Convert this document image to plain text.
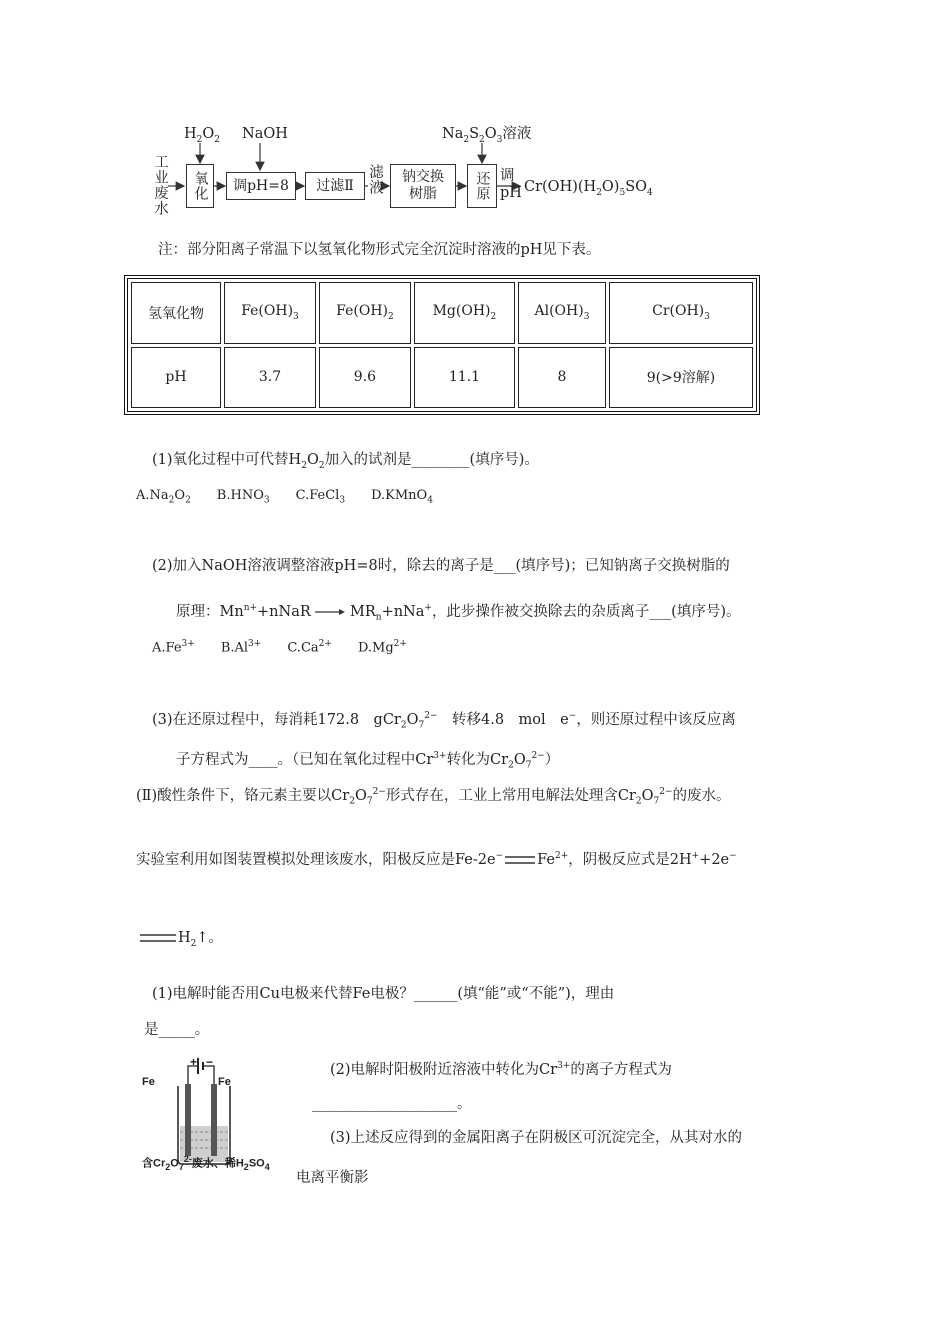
$H_2O_2$ NaOH	$Na_2S_2O_3$溶液
工业废水	氧化	调pH=8	过滤Ⅱ 滤液 钠交换
树脂	还原 调
pH $Cr(OH)(H_2O)_5SO_4$
注：部分阳离子常温下以氢氧化物形式完全沉淀时溶液的pH见下表。
氢氧化物	$Fe(OH)_3$	$Fe(OH)_2$	$Mg(OH)_2$	$Al(OH)_3$	$Cr(OH)_3$
pH	3.7	9.6	11.1	8	9(>9溶解)
(1)氧化过程中可代替$H_2O_2$加入的试剂是________(填序号)。
$A.Na_2O_2$　　$B.HNO_3$　　C.FeCl$_3$　　D.KMnO$_4$
(2)加入NaOH溶液调整溶液pH=8时，除去的离子是___(填序号)；已知钠离子交换树脂的
原理：$Mn^{n+}+nNaR \to MR_n+nNa^+$，此步操作被交换除去的杂质离子___(填序号)。
$A.Fe^{3+}$　　$B.Al^{3+}$　　$C.Ca^{2+}$　　$D.Mg^{2+}$
(3)在还原过程中，每消耗172.8　$gCr_2O_7^{2-}$　转移4.8　mol　e−，则还原过程中该反应离
子方程式为____。（已知在氧化过程中$Cr^{3+}$转化为$Cr_2O_7^{2-}$）
(Ⅱ)酸性条件下，铬元素主要以$Cr_2O_7^{2-}$形式存在，工业上常用电解法处理含$Cr_2O_7^{2-}$的废水。
实验室利用如图装置模拟处理该废水，阳极反应是Fe-2e− $Fe^{2+}$，阴极反应式是2H++2e−
$H_2↑$。
(1)电解时能否用Cu电极来代替Fe电极？______(填“能”或“不能”)，理由
是_____。
+ −
Fe	Fe
含$Cr_2O_7^{2-}$废水、稀$H_2SO_4$
(2)电解时阳极附近溶液中转化为$Cr^{3+}$的离子方程式为
____________________。
(3)上述反应得到的金属阳离子在阴极区可沉淀完全，从其对水的
电离平衡影
